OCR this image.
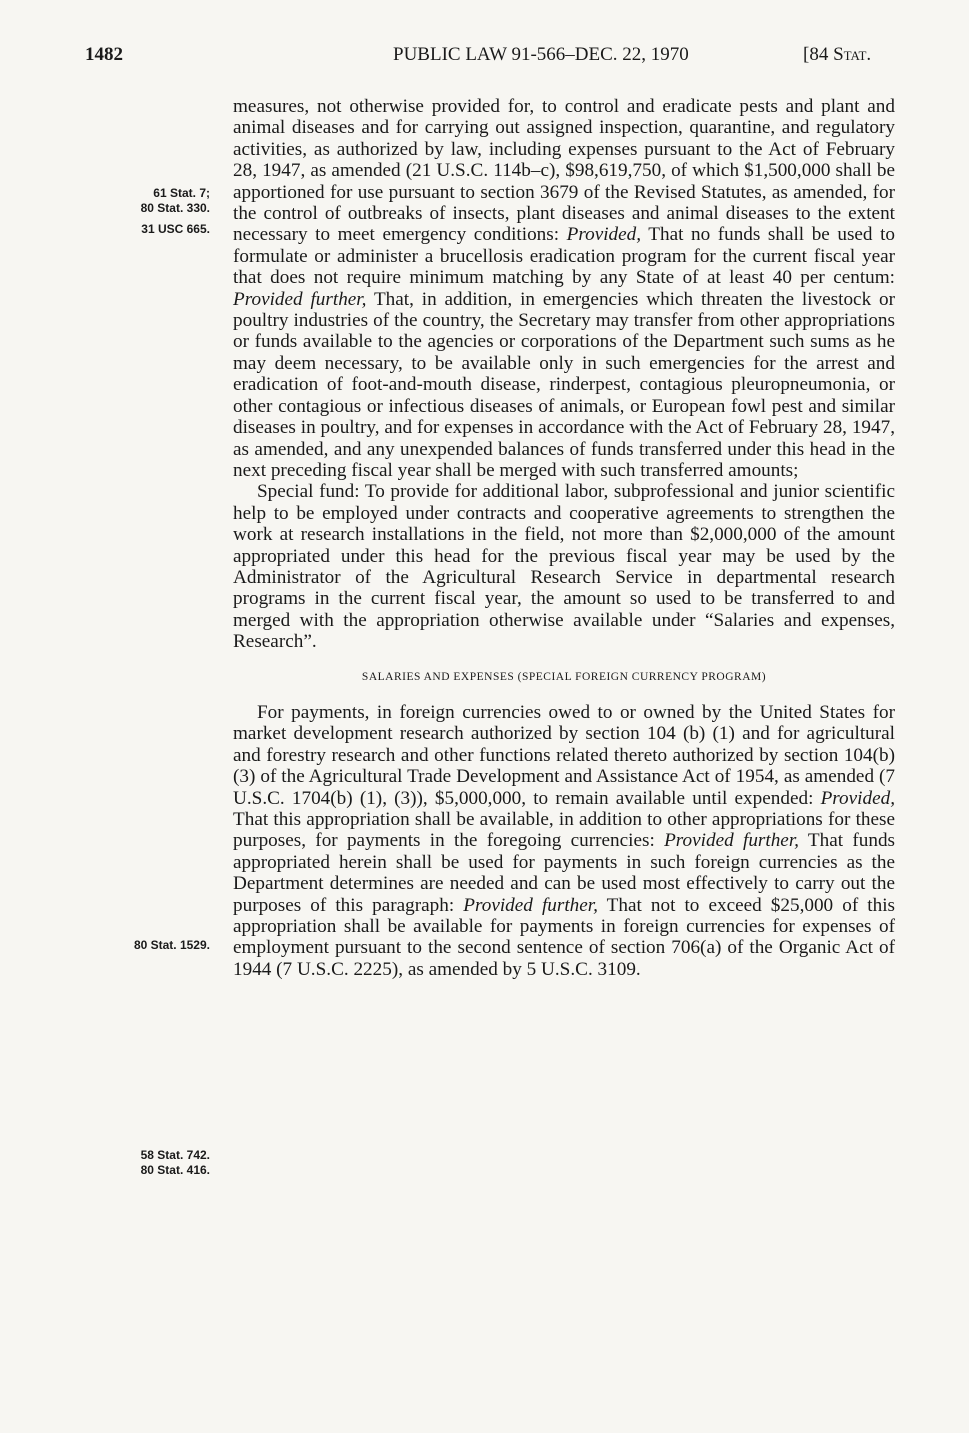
1482	PUBLIC LAW 91-566–DEC. 22, 1970	[84 Stat.
61 Stat. 7;
80 Stat. 330.
31 USC 665.
80 Stat. 1529.
58 Stat. 742.
80 Stat. 416.

measures, not otherwise provided for, to control and eradicate pests and plant and animal diseases and for carrying out assigned inspection, quarantine, and regulatory activities, as authorized by law, including expenses pursuant to the Act of February 28, 1947, as amended (21 U.S.C. 114b–c), $98,619,750, of which $1,500,000 shall be apportioned for use pursuant to section 3679 of the Revised Statutes, as amended, for the control of outbreaks of insects, plant diseases and animal diseases to the extent necessary to meet emergency conditions: Provided, That no funds shall be used to formulate or administer a brucellosis eradication program for the current fiscal year that does not require minimum matching by any State of at least 40 per centum: Provided further, That, in addition, in emergencies which threaten the livestock or poultry industries of the country, the Secretary may transfer from other appropriations or funds available to the agencies or corporations of the Department such sums as he may deem necessary, to be available only in such emergencies for the arrest and eradication of foot-and-mouth disease, rinderpest, contagious pleuropneumonia, or other contagious or infectious diseases of animals, or European fowl pest and similar diseases in poultry, and for expenses in accordance with the Act of February 28, 1947, as amended, and any unexpended balances of funds transferred under this head in the next preceding fiscal year shall be merged with such transferred amounts;

Special fund: To provide for additional labor, subprofessional and junior scientific help to be employed under contracts and cooperative agreements to strengthen the work at research installations in the field, not more than $2,000,000 of the amount appropriated under this head for the previous fiscal year may be used by the Administrator of the Agricultural Research Service in departmental research programs in the current fiscal year, the amount so used to be transferred to and merged with the appropriation otherwise available under “Salaries and expenses, Research”.

SALARIES AND EXPENSES (SPECIAL FOREIGN CURRENCY PROGRAM)

For payments, in foreign currencies owed to or owned by the United States for market development research authorized by section 104 (b) (1) and for agricultural and forestry research and other functions related thereto authorized by section 104(b) (3) of the Agricultural Trade Development and Assistance Act of 1954, as amended (7 U.S.C. 1704(b) (1), (3)), $5,000,000, to remain available until expended: Provided, That this appropriation shall be available, in addition to other appropriations for these purposes, for payments in the foregoing currencies: Provided further, That funds appropriated herein shall be used for payments in such foreign currencies as the Department determines are needed and can be used most effectively to carry out the purposes of this paragraph: Provided further, That not to exceed $25,000 of this appropriation shall be available for payments in foreign currencies for expenses of employment pursuant to the second sentence of section 706(a) of the Organic Act of 1944 (7 U.S.C. 2225), as amended by 5 U.S.C. 3109.
